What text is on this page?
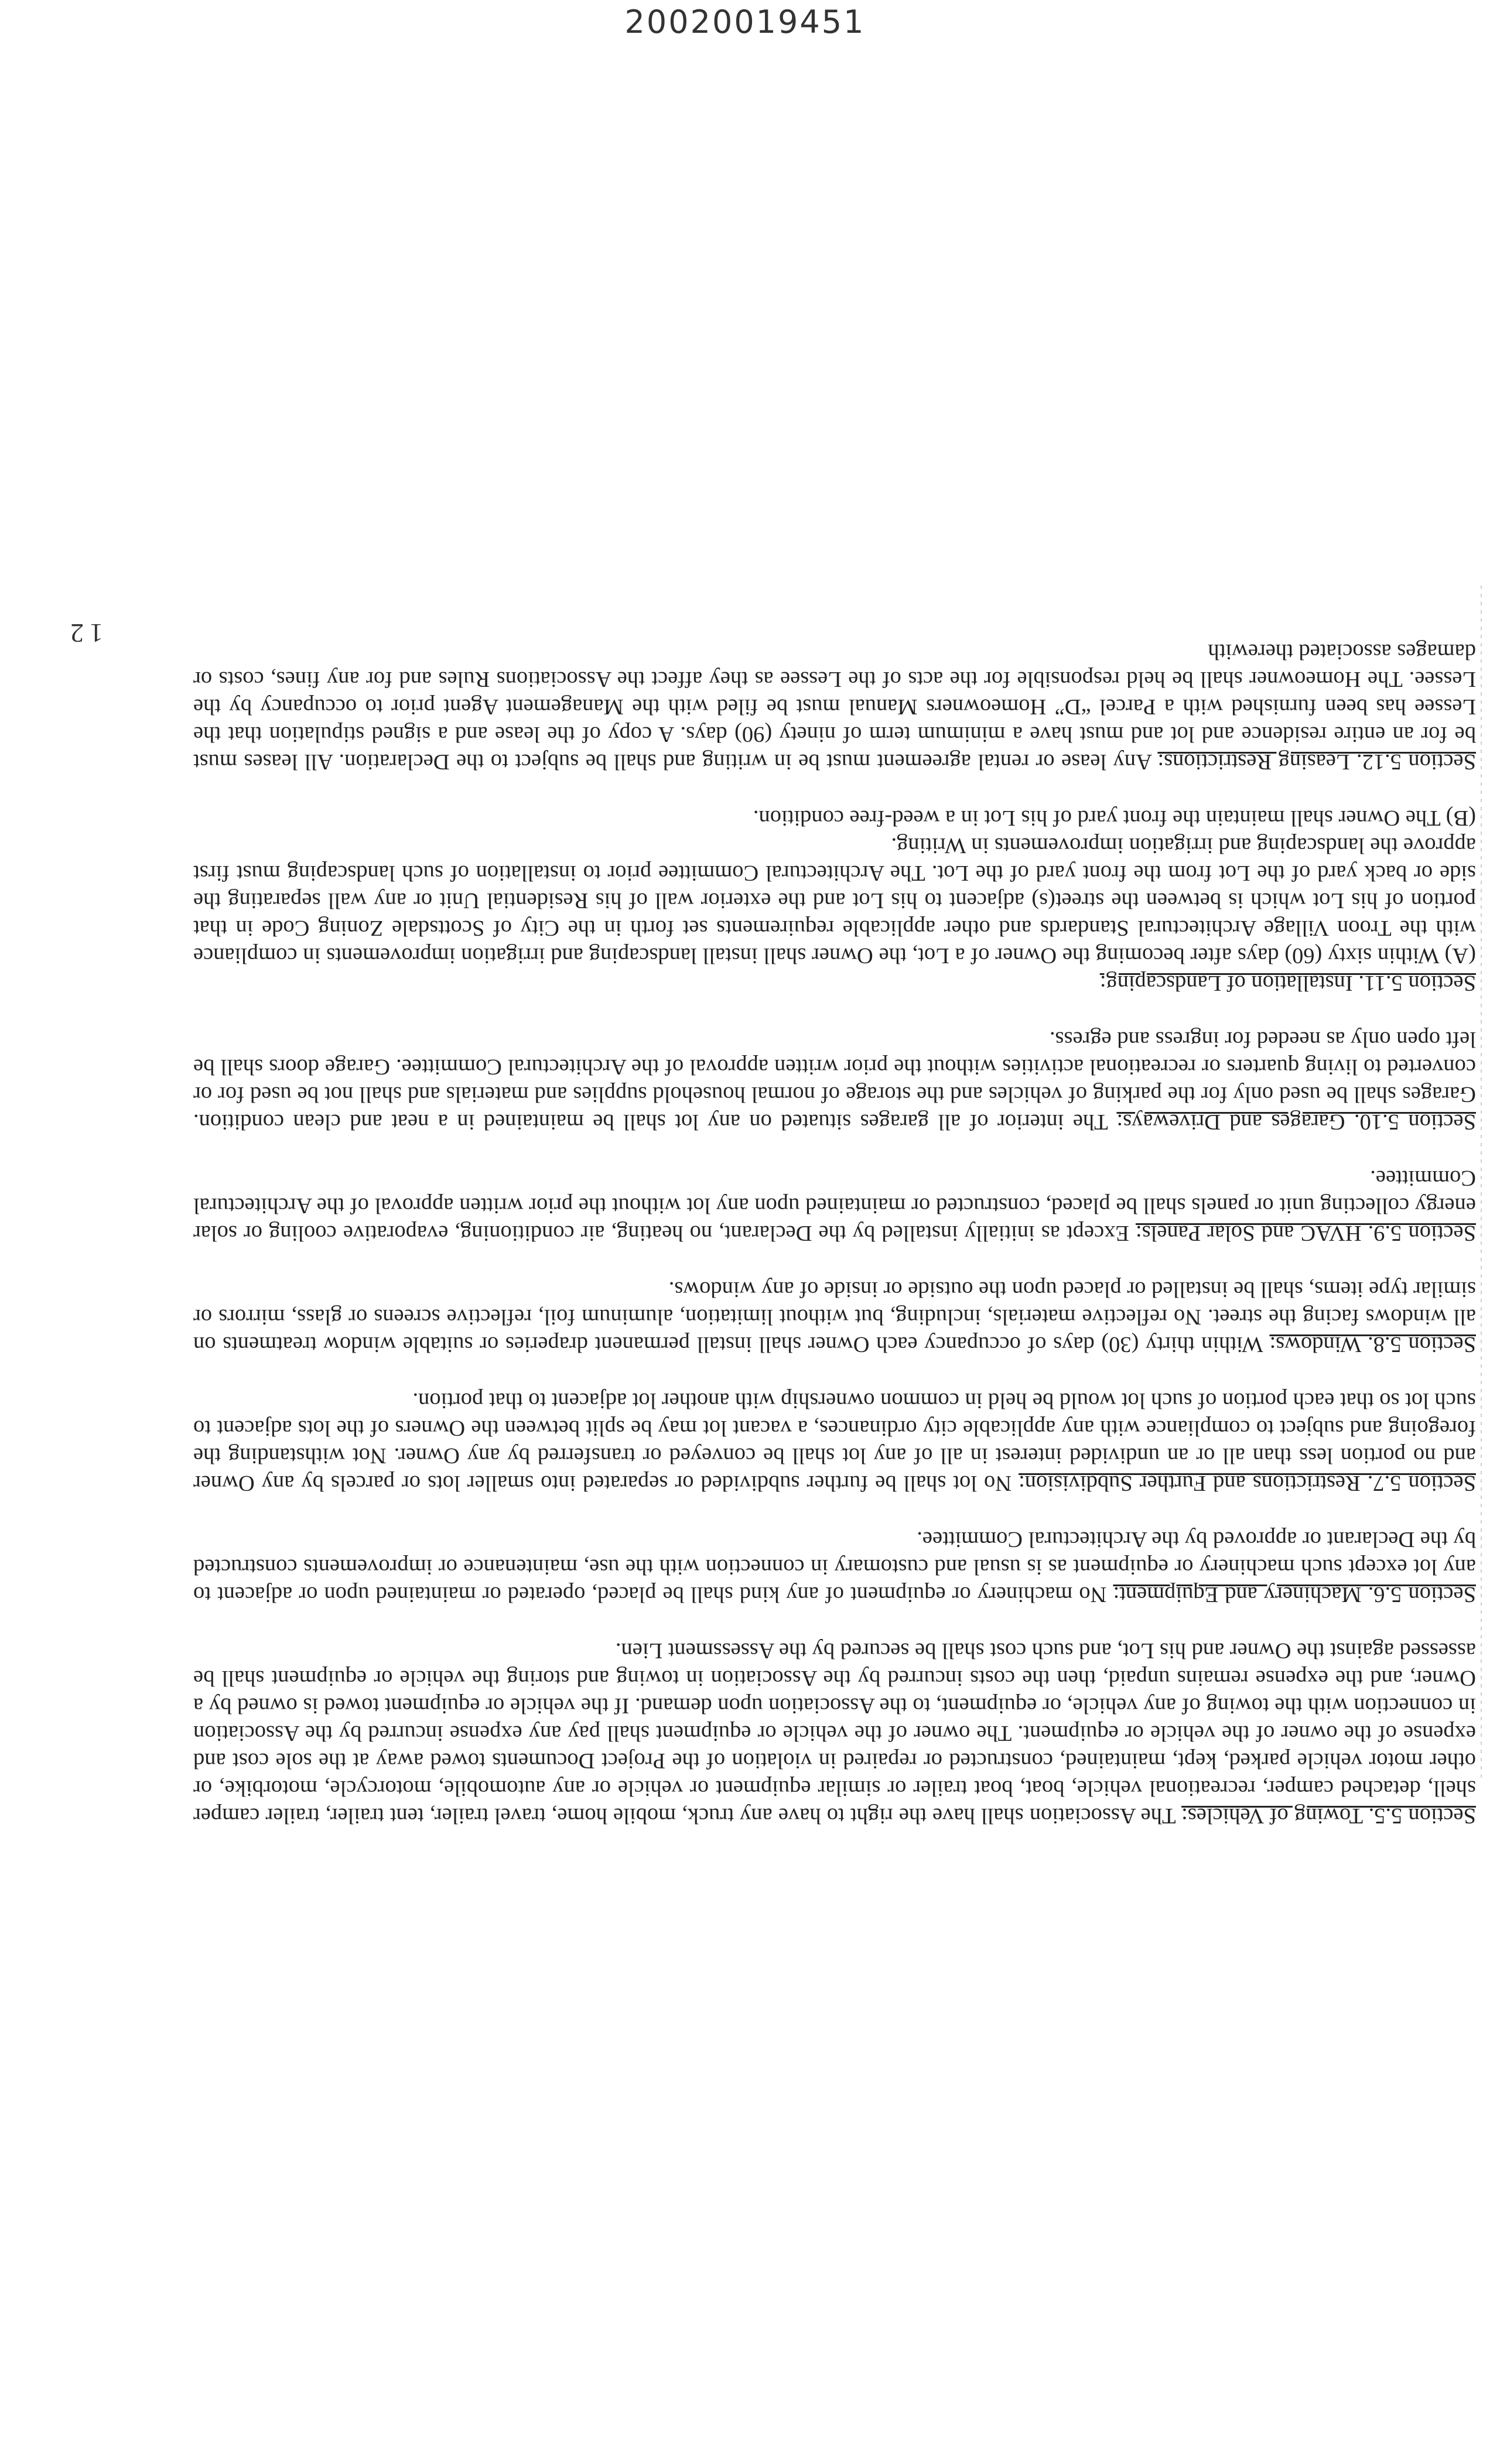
20020019451

Section 5.5. Towing of Vehicles: The Association shall have the right to have any truck, mobile home, travel trailer, tent trailer, trailer camper shell, detached camper, recreational vehicle, boat, boat trailer or similar equipment or vehicle or any automobile, motorcycle, motorbike, or other motor vehicle parked, kept, maintained, constructed or repaired in violation of the Project Documents towed away at the sole cost and expense of the owner of the vehicle or equipment. The owner of the vehicle or equipment shall pay any expense incurred by the Association in connection with the towing of any vehicle, or equipment, to the Association upon demand. If the vehicle or equipment towed is owned by a Owner, and the expense remains unpaid, then the costs incurred by the Association in towing and storing the vehicle or equipment shall be assessed against the Owner and his Lot, and such cost shall be secured by the Assessment Lien.

Section 5.6. Machinery and Equipment: No machinery or equipment of any kind shall be placed, operated or maintained upon or adjacent to any lot except such machinery or equipment as is usual and customary in connection with the use, maintenance or improvements constructed by the Declarant or approved by the Architectural Committee.

Section 5.7. Restrictions and Further Subdivision: No lot shall be further subdivided or separated into smaller lots or parcels by any Owner and no portion less than all or an undivided interest in all of any lot shall be conveyed or transferred by any Owner. Not withstanding the foregoing and subject to compliance with any applicable city ordinances, a vacant lot may be split between the Owners of the lots adjacent to such lot so that each portion of such lot would be held in common ownership with another lot adjacent to that portion.

Section 5.8. Windows: Within thirty (30) days of occupancy each Owner shall install permanent draperies or suitable window treatments on all windows facing the street. No reflective materials, including, but without limitation, aluminum foil, reflective screens or glass, mirrors or similar type items, shall be installed or placed upon the outside or inside of any windows.

Section 5.9. HVAC and Solar Panels: Except as initially installed by the Declarant, no heating, air conditioning, evaporative cooling or solar energy collecting unit or panels shall be placed, constructed or maintained upon any lot without the prior written approval of the Architectural Committee.

Section 5.10. Garages and Driveways: The interior of all garages situated on any lot shall be maintained in a neat and clean condition. Garages shall be used only for the parking of vehicles and the storage of normal household supplies and materials and shall not be used for or converted to living quarters or recreational activities without the prior written approval of the Architectural Committee. Garage doors shall be left open only as needed for ingress and egress.

Section 5.11. Installation of Landscaping:
(A) Within sixty (60) days after becoming the Owner of a Lot, the Owner shall install landscaping and irrigation improvements in compliance with the Troon Village Architectural Standards and other applicable requirements set forth in the City of Scottsdale Zoning Code in that portion of his Lot which is between the street(s) adjacent to his Lot and the exterior wall of his Residential Unit or any wall separating the side or back yard of the Lot from the front yard of the Lot. The Architectural Committee prior to installation of such landscaping must first approve the landscaping and irrigation improvements in Writing.
(B) The Owner shall maintain the front yard of his Lot in a weed-free condition.

Section 5.12. Leasing Restrictions: Any lease or rental agreement must be in writing and shall be subject to the Declaration. All leases must be for an entire residence and lot and must have a minimum term of ninety (90) days. A copy of the lease and a signed stipulation that the Lessee has been furnished with a Parcel “D” Homeowners Manual must be filed with the Management Agent prior to occupancy by the Lessee. The Homeowner shall be held responsible for the acts of the Lessee as they affect the Associations Rules and for any fines, costs or damages associated therewith

12
